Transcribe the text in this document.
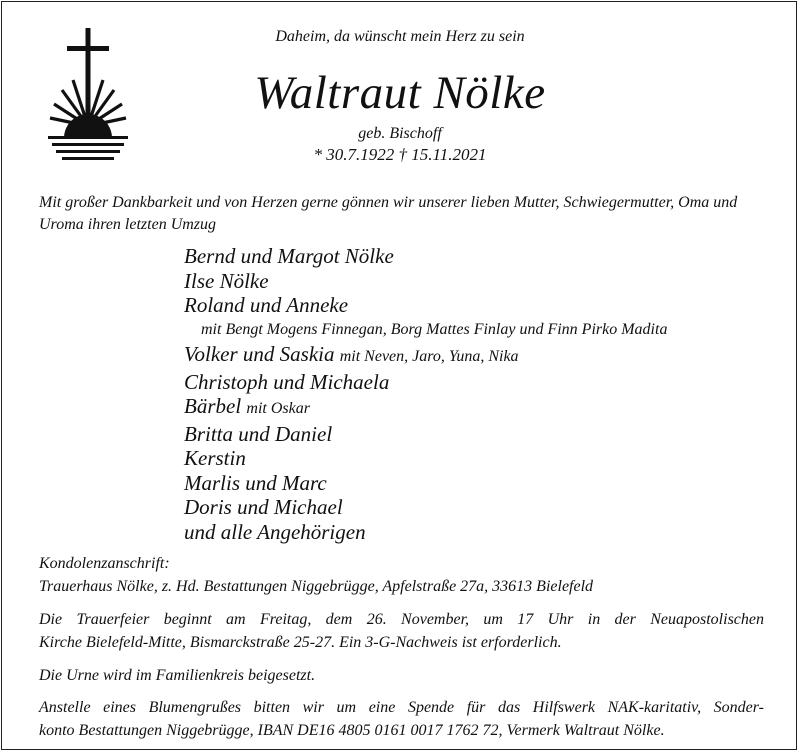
Daheim, da wünscht mein Herz zu sein
Waltraut Nölke
geb. Bischoff
* 30.7.1922 † 15.11.2021
Mit großer Dankbarkeit und von Herzen gerne gönnen wir unserer lieben Mutter, Schwiegermutter, Oma und Uroma ihren letzten Umzug
Bernd und Margot Nölke
Ilse Nölke
Roland und Anneke
mit Bengt Mogens Finnegan, Borg Mattes Finlay und Finn Pirko Madita
Volker und Saskia mit Neven, Jaro, Yuna, Nika
Christoph und Michaela
Bärbel mit Oskar
Britta und Daniel
Kerstin
Marlis und Marc
Doris und Michael
und alle Angehörigen
Kondolenzanschrift:
Trauerhaus Nölke, z. Hd. Bestattungen Niggebrügge, Apfelstraße 27a, 33613 Bielefeld
Die Trauerfeier beginnt am Freitag, dem 26. November, um 17 Uhr in der Neuapostolischen
Kirche Bielefeld-Mitte, Bismarckstraße 25-27. Ein 3-G-Nachweis ist erforderlich.
Die Urne wird im Familienkreis beigesetzt.
Anstelle eines Blumengrußes bitten wir um eine Spende für das Hilfswerk NAK-karitativ, Sonder-
konto Bestattungen Niggebrügge, IBAN DE16 4805 0161 0017 1762 72, Vermerk Waltraut Nölke.
